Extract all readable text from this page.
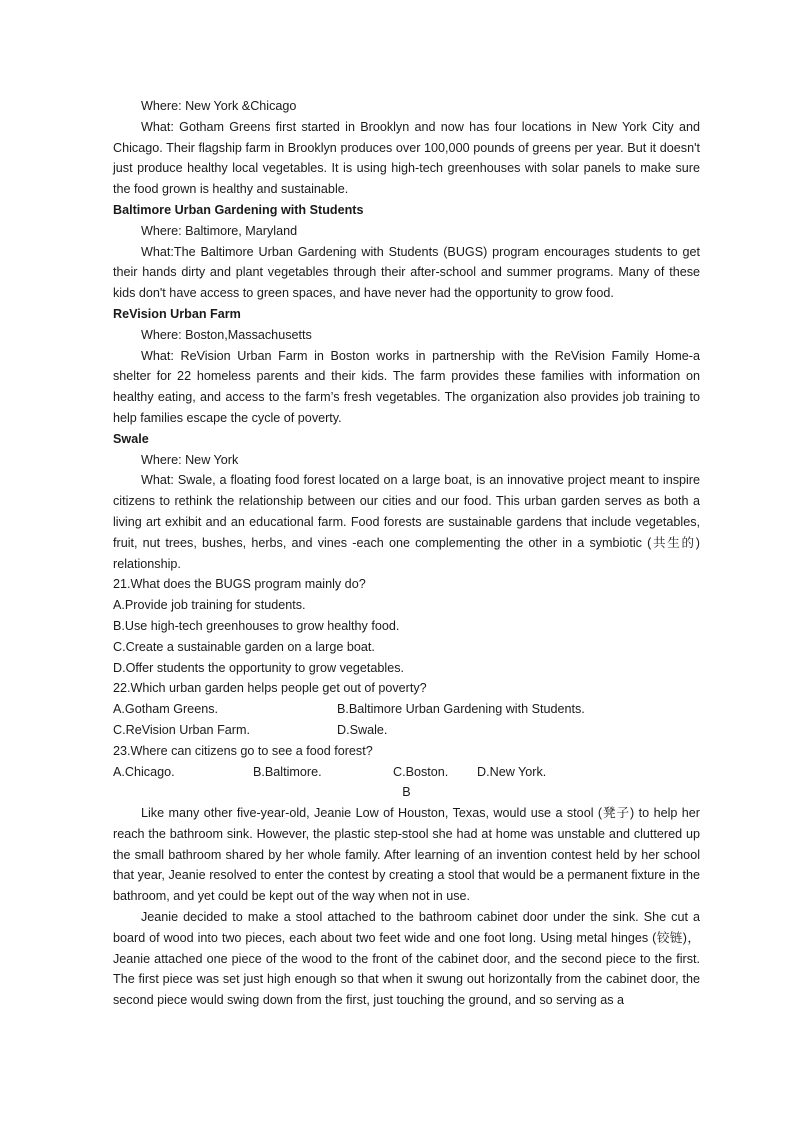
Where: New York &Chicago

What: Gotham Greens first started in Brooklyn and now has four locations in New York City and Chicago. Their flagship farm in Brooklyn produces over 100,000 pounds of greens per year. But it doesn't just produce healthy local vegetables. It is using high-tech greenhouses with solar panels to make sure the food grown is healthy and sustainable.

Baltimore Urban Gardening with Students

Where: Baltimore, Maryland

What:The Baltimore Urban Gardening with Students (BUGS) program encourages students to get their hands dirty and plant vegetables through their after-school and summer programs. Many of these kids don't have access to green spaces, and have never had the opportunity to grow food.

ReVision Urban Farm

Where: Boston,Massachusetts

What: ReVision Urban Farm in Boston works in partnership with the ReVision Family Home-a shelter for 22 homeless parents and their kids. The farm provides these families with information on healthy eating, and access to the farm’s fresh vegetables. The organization also provides job training to help families escape the cycle of poverty.

Swale

Where: New York

What: Swale, a floating food forest located on a large boat, is an innovative project meant to inspire citizens to rethink the relationship between our cities and our food. This urban garden serves as both a living art exhibit and an educational farm. Food forests are sustainable gardens that include vegetables, fruit, nut trees, bushes, herbs, and vines -each one complementing the other in a symbiotic (共生的) relationship.

21.What does the BUGS program mainly do?

A.Provide job training for students.

B.Use high-tech greenhouses to grow healthy food.

C.Create a sustainable garden on a large boat.

D.Offer students the opportunity to grow vegetables.

22.Which urban garden helps people get out of poverty?

A.Gotham Greens.	B.Baltimore Urban Gardening with Students.
C.ReVision Urban Farm.	D.Swale.

23.Where can citizens go to see a food forest?

A.Chicago.	B.Baltimore.	C.Boston.	D.New York.

B

Like many other five-year-old, Jeanie Low of Houston, Texas, would use a stool (凳子) to help her reach the bathroom sink. However, the plastic step-stool she had at home was unstable and cluttered up the small bathroom shared by her whole family. After learning of an invention contest held by her school that year, Jeanie resolved to enter the contest by creating a stool that would be a permanent fixture in the bathroom, and yet could be kept out of the way when not in use.

Jeanie decided to make a stool attached to the bathroom cabinet door under the sink. She cut a board of wood into two pieces, each about two feet wide and one foot long. Using metal hinges (铰链)，Jeanie attached one piece of the wood to the front of the cabinet door, and the second piece to the first. The first piece was set just high enough so that when it swung out horizontally from the cabinet door, the second piece would swing down from the first, just touching the ground, and so serving as a
